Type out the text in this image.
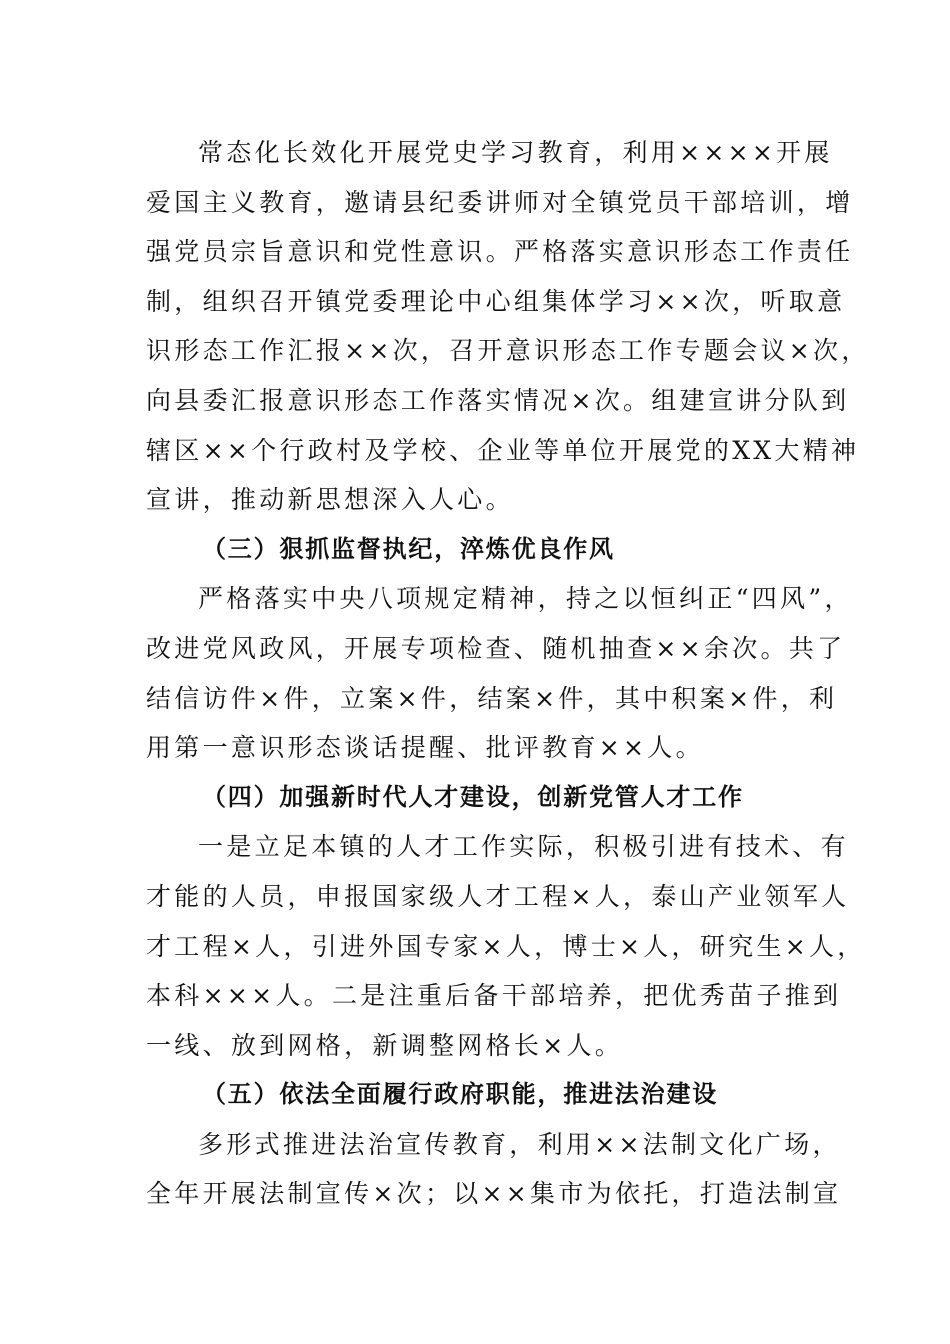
常态化长效化开展党史学习教育，利用××××开展
爱国主义教育，邀请县纪委讲师对全镇党员干部培训，增
强党员宗旨意识和党性意识。严格落实意识形态工作责任
制，组织召开镇党委理论中心组集体学习××次，听取意
识形态工作汇报××次，召开意识形态工作专题会议×次，
向县委汇报意识形态工作落实情况×次。组建宣讲分队到
辖区××个行政村及学校、企业等单位开展党的XX大精神
宣讲，推动新思想深入人心。
（三）狠抓监督执纪，淬炼优良作风
严格落实中央八项规定精神，持之以恒纠正“四风”，
改进党风政风，开展专项检查、随机抽查××余次。共了
结信访件×件，立案×件，结案×件，其中积案×件，利
用第一意识形态谈话提醒、批评教育××人。
（四）加强新时代人才建设，创新党管人才工作
一是立足本镇的人才工作实际，积极引进有技术、有
才能的人员，申报国家级人才工程×人，泰山产业领军人
才工程×人，引进外国专家×人，博士×人，研究生×人，
本科×××人。二是注重后备干部培养，把优秀苗子推到
一线、放到网格，新调整网格长×人。
（五）依法全面履行政府职能，推进法治建设
多形式推进法治宣传教育，利用××法制文化广场，
全年开展法制宣传×次；以××集市为依托，打造法制宣
